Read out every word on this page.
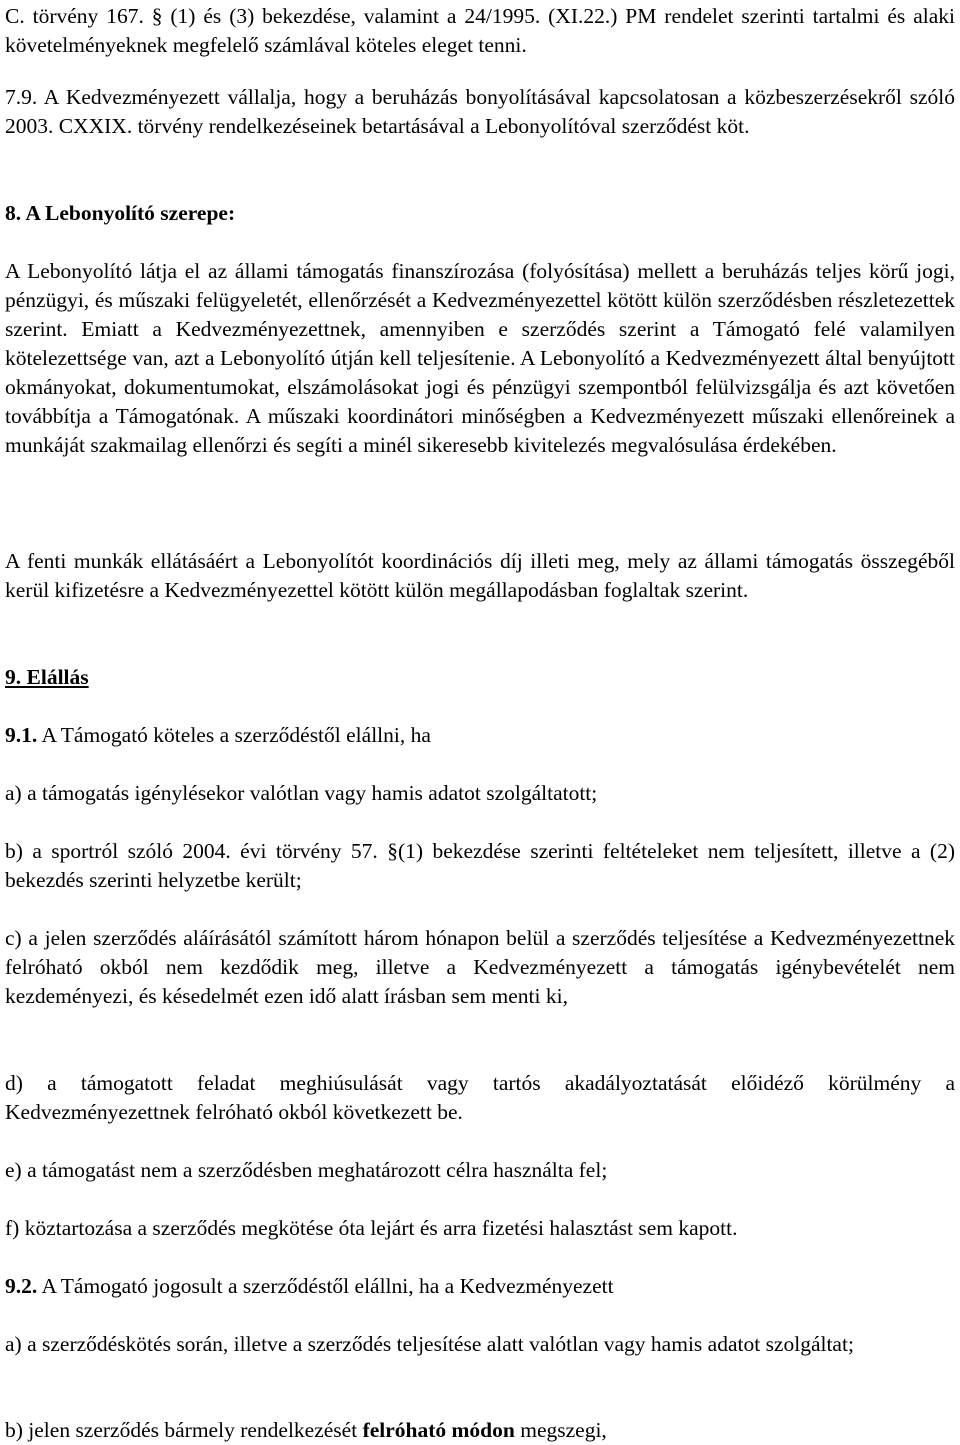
C. törvény 167. § (1) és (3) bekezdése, valamint a 24/1995. (XI.22.) PM rendelet szerinti tartalmi és alaki követelményeknek megfelelő számlával köteles eleget tenni.

7.9. A Kedvezményezett vállalja, hogy a beruházás bonyolításával kapcsolatosan a közbeszerzésekről szóló 2003. CXXIX. törvény rendelkezéseinek betartásával a Lebonyolítóval szerződést köt.

8. A Lebonyolító szerepe:

A Lebonyolító látja el az állami támogatás finanszírozása (folyósítása) mellett a beruházás teljes körű jogi, pénzügyi, és műszaki felügyeletét, ellenőrzését a Kedvezményezettel kötött külön szerződésben részletezettek szerint. Emiatt a Kedvezményezettnek, amennyiben e szerződés szerint a Támogató felé valamilyen kötelezettsége van, azt a Lebonyolító útján kell teljesítenie. A Lebonyolító a Kedvezményezett által benyújtott okmányokat, dokumentumokat, elszámolásokat jogi és pénzügyi szempontból felülvizsgálja és azt követően továbbítja a Támogatónak. A műszaki koordinátori minőségben a Kedvezményezett műszaki ellenőreinek a munkáját szakmailag ellenőrzi és segíti a minél sikeresebb kivitelezés megvalósulása érdekében.

A fenti munkák ellátásáért a Lebonyolítót koordinációs díj illeti meg, mely az állami támogatás összegéből kerül kifizetésre a Kedvezményezettel kötött külön megállapodásban foglaltak szerint.

9. Elállás

9.1. A Támogató köteles a szerződéstől elállni, ha

a) a támogatás igénylésekor valótlan vagy hamis adatot szolgáltatott;

b) a sportról szóló 2004. évi törvény 57. §(1) bekezdése szerinti feltételeket nem teljesített, illetve a (2) bekezdés szerinti helyzetbe került;

c) a jelen szerződés aláírásától számított három hónapon belül a szerződés teljesítése a Kedvezményezettnek felróható okból nem kezdődik meg, illetve a Kedvezményezett a támogatás igénybevételét nem kezdeményezi, és késedelmét ezen idő alatt írásban sem menti ki,

d) a támogatott feladat meghiúsulását vagy tartós akadályoztatását előidéző körülmény a Kedvezményezettnek felróható okból következett be.

e) a támogatást nem a szerződésben meghatározott célra használta fel;

f) köztartozása a szerződés megkötése óta lejárt és arra fizetési halasztást sem kapott.

9.2. A Támogató jogosult a szerződéstől elállni, ha a Kedvezményezett

a) a szerződéskötés során, illetve a szerződés teljesítése alatt valótlan vagy hamis adatot szolgáltat;

b) jelen szerződés bármely rendelkezését felróható módon megszegi,
